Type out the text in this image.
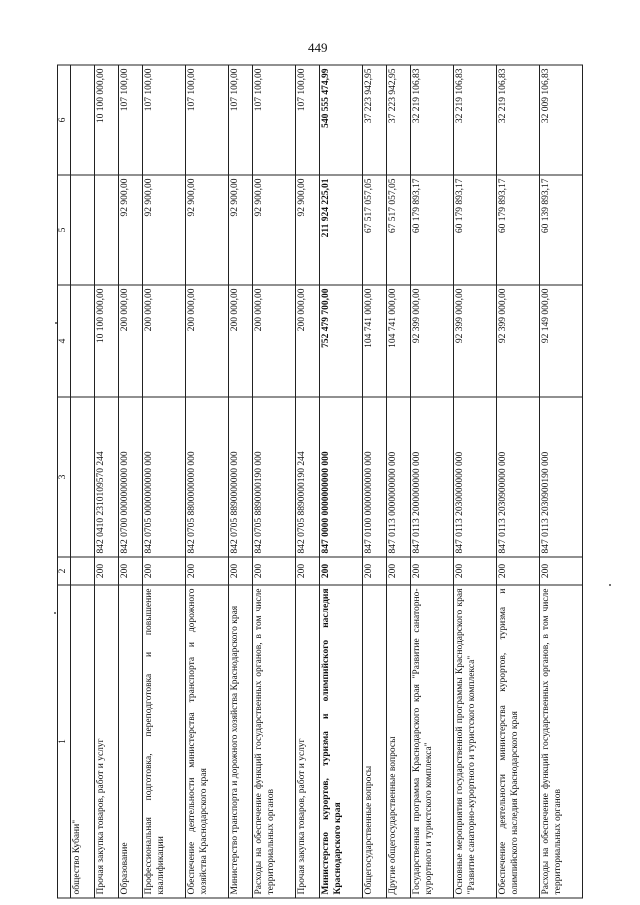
449
1	2	3	4	5	6
общество Кубани"					
Прочая закупка товаров, работ и услуг	200	842 0410 2310109570 244	10 100 000,00		10 100 000,00
Образование	200	842 0700 0000000000 000	200 000,00	92 900,00	107 100,00
Профессиональная подготовка, переподготовка и повышение квалификации	200	842 0705 0000000000 000	200 000,00	92 900,00	107 100,00
Обеспечение деятельности министерства транспорта и дорожного хозяйства Краснодарского края	200	842 0705 8800000000 000	200 000,00	92 900,00	107 100,00
Министерство транспорта и дорожного хозяйства Краснодарского края	200	842 0705 8890000000 000	200 000,00	92 900,00	107 100,00
Расходы на обеспечение функций государственных органов, в том числе территориальных органов	200	842 0705 8890000190 000	200 000,00	92 900,00	107 100,00
Прочая закупка товаров, работ и услуг	200	842 0705 8890000190 244	200 000,00	92 900,00	107 100,00
Министерство курортов, туризма и олимпийского наследия Краснодарского края	200	847 0000 0000000000 000	752 479 700,00	211 924 225,01	540 555 474,99
Общегосударственные вопросы	200	847 0100 0000000000 000	104 741 000,00	67 517 057,05	37 223 942,95
Другие общегосударственные вопросы	200	847 0113 0000000000 000	104 741 000,00	67 517 057,05	37 223 942,95
Государственная программа Краснодарского края "Развитие санаторно-курортного и туристского комплекса"	200	847 0113 2000000000 000	92 399 000,00	60 179 893,17	32 219 106,83
Основные мероприятия государственной программы Краснодарского края "Развитие санаторно-курортного и туристского комплекса"	200	847 0113 2030000000 000	92 399 000,00	60 179 893,17	32 219 106,83
Обеспечение деятельности министерства курортов, туризма и олимпийского наследия Краснодарского края	200	847 0113 2030900000 000	92 399 000,00	60 179 893,17	32 219 106,83
Расходы на обеспечение функций государственных органов, в том числе территориальных органов	200	847 0113 2030900190 000	92 149 000,00	60 139 893,17	32 009 106,83
